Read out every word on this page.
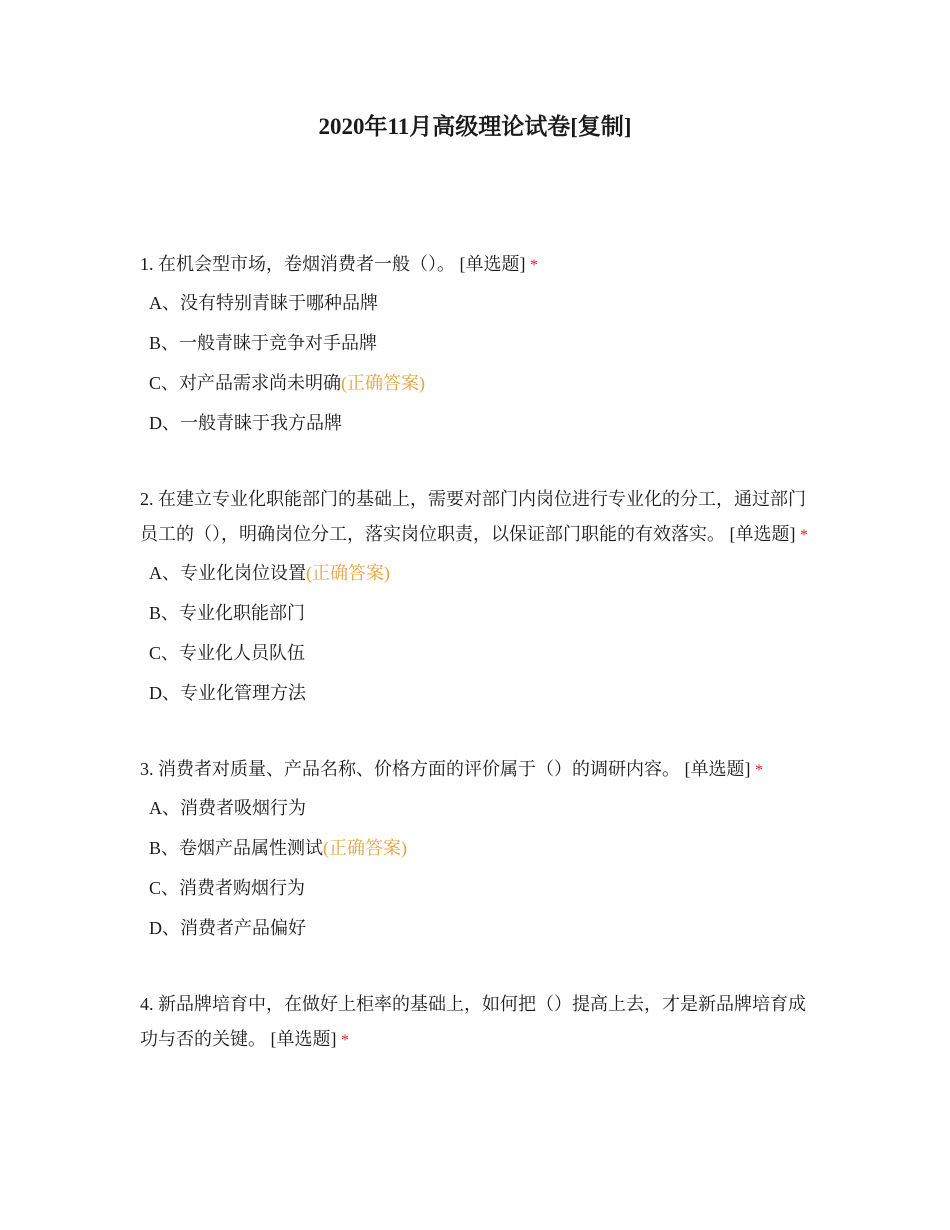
2020年11月高级理论试卷[复制]
1. 在机会型市场，卷烟消费者一般（）。 [单选题] *
A、没有特别青睐于哪种品牌
B、一般青睐于竞争对手品牌
C、对产品需求尚未明确(正确答案)
D、一般青睐于我方品牌
2. 在建立专业化职能部门的基础上，需要对部门内岗位进行专业化的分工，通过部门员工的（），明确岗位分工，落实岗位职责，以保证部门职能的有效落实。 [单选题] *
A、专业化岗位设置(正确答案)
B、专业化职能部门
C、专业化人员队伍
D、专业化管理方法
3. 消费者对质量、产品名称、价格方面的评价属于（）的调研内容。 [单选题] *
A、消费者吸烟行为
B、卷烟产品属性测试(正确答案)
C、消费者购烟行为
D、消费者产品偏好
4. 新品牌培育中，在做好上柜率的基础上，如何把（）提高上去，才是新品牌培育成功与否的关键。 [单选题] *
